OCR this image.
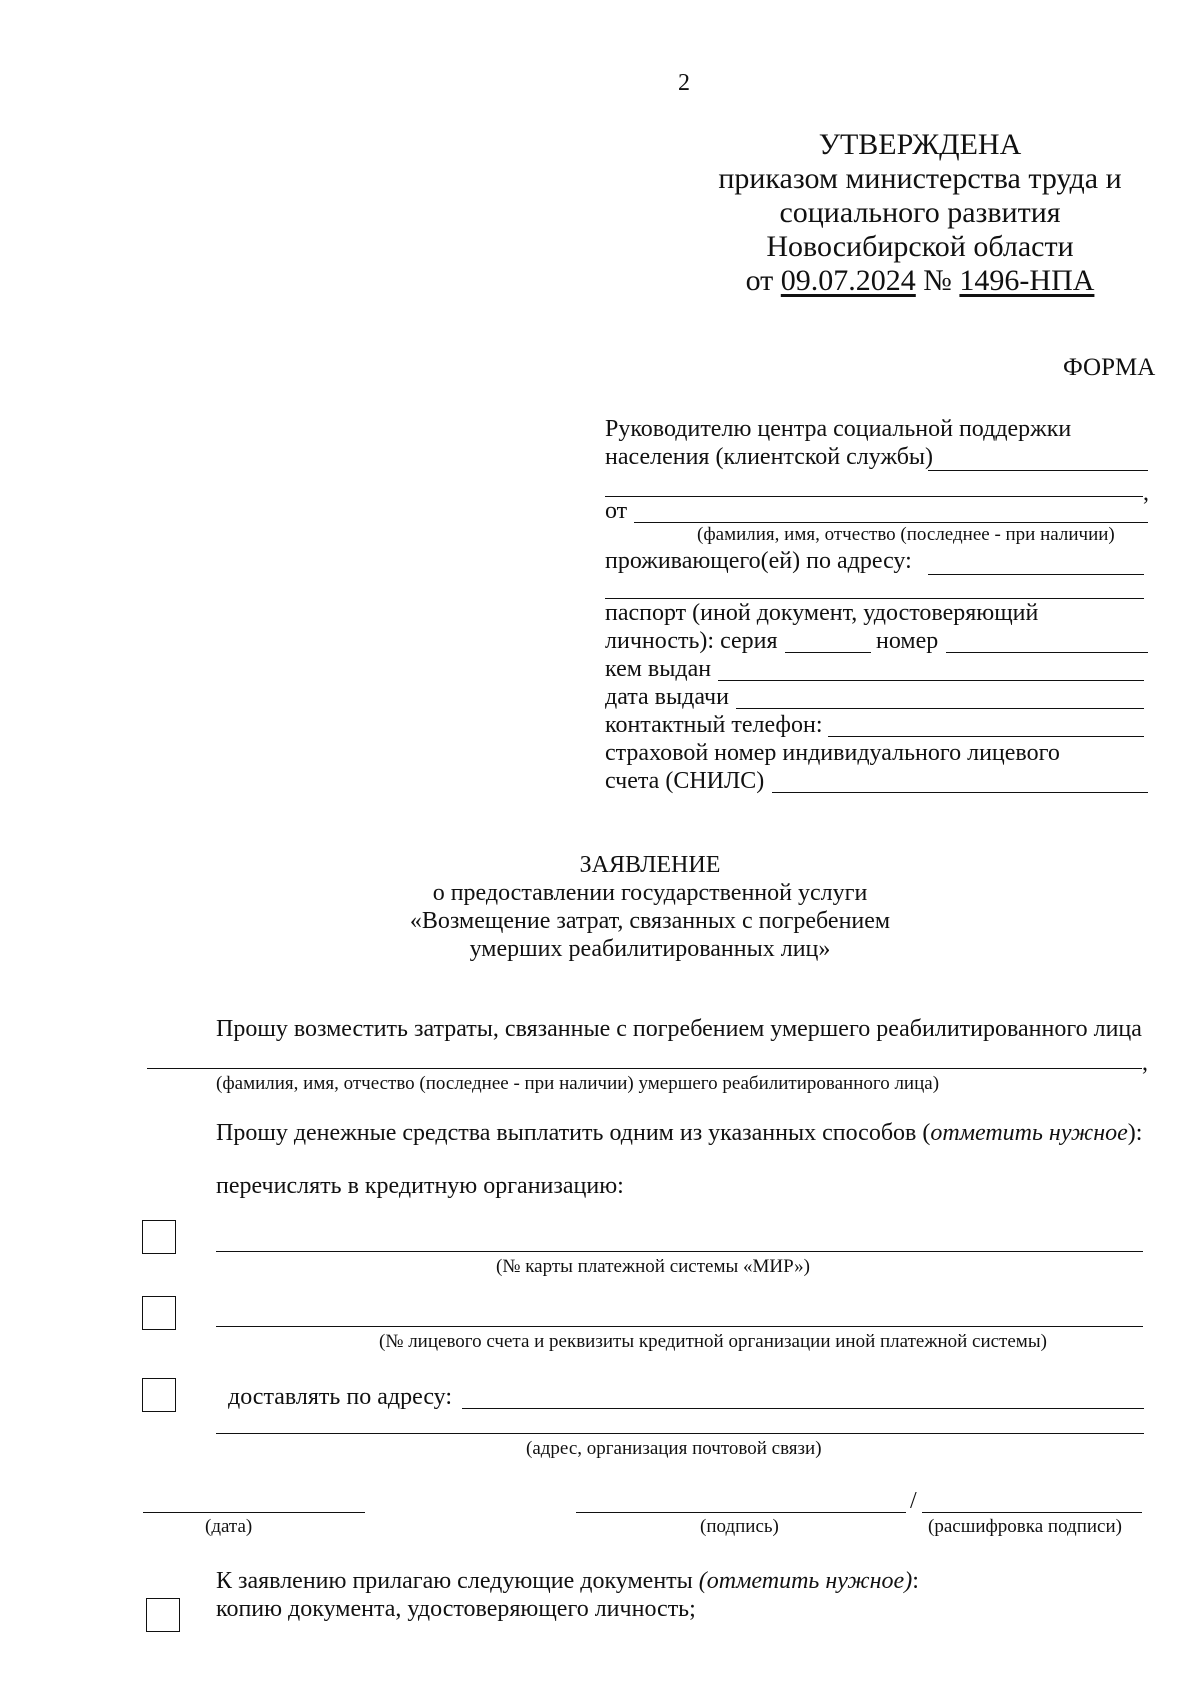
2
УТВЕРЖДЕНА
приказом министерства труда и
социального развития
Новосибирской области
от 09.07.2024 № 1496-НПА
ФОРМА
Руководителю центра социальной поддержки
населения (клиентской службы)
,
от
(фамилия, имя, отчество (последнее - при наличии)
проживающего(ей) по адресу:
паспорт (иной документ, удостоверяющий
личность): серия	номер
кем выдан
дата выдачи
контактный телефон:
страховой номер индивидуального лицевого
счета (СНИЛС)
ЗАЯВЛЕНИЕ
о предоставлении государственной услуги
«Возмещение затрат, связанных с погребением
умерших реабилитированных лиц»
Прошу возместить затраты, связанные с погребением умершего реабилитированного лица
,
(фамилия, имя, отчество (последнее - при наличии) умершего реабилитированного лица)
Прошу денежные средства выплатить одним из указанных способов (отметить нужное):
перечислять в кредитную организацию:
(№ карты платежной системы «МИР»)
(№ лицевого счета и реквизиты кредитной организации иной платежной системы)
доставлять по адресу:
(адрес, организация почтовой связи)
(дата)	(подпись)
/
(расшифровка подписи)
К заявлению прилагаю следующие документы (отметить нужное):
копию документа, удостоверяющего личность;
